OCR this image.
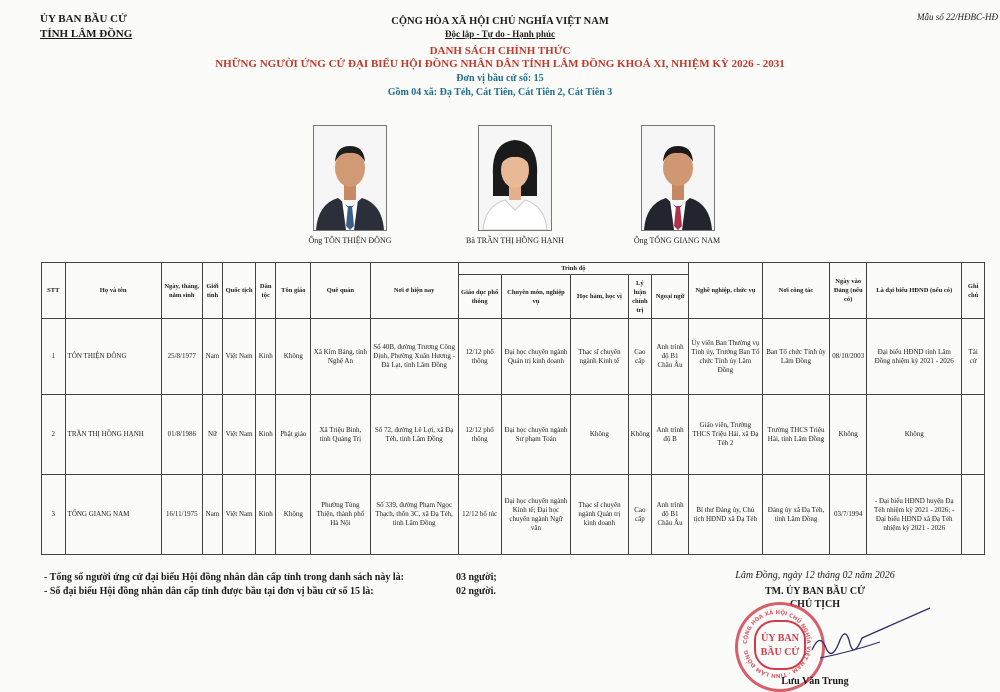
ỦY BAN BẦU CỬ
TỈNH LÂM ĐỒNG
Mẫu số 22/HĐBC-HĐ
CỘNG HÒA XÃ HỘI CHỦ NGHĨA VIỆT NAM
Độc lập - Tự do - Hạnh phúc
DANH SÁCH CHÍNH THỨC
NHỮNG NGƯỜI ỨNG CỬ ĐẠI BIỂU HỘI ĐỒNG NHÂN DÂN TỈNH LÂM ĐỒNG KHOÁ XI, NHIỆM KỲ 2026 - 2031
Đơn vị bầu cử số: 15
Gồm 04 xã: Đạ Tẻh, Cát Tiên, Cát Tiên 2, Cát Tiên 3
Ông TÔN THIỆN ĐÔNG	Bà TRẦN THỊ HỒNG HẠNH	Ông TỐNG GIANG NAM
STT	Họ và tên	Ngày, tháng, năm sinh	Giới tính	Quốc tịch	Dân tộc	Tôn giáo	Quê quán	Nơi ở hiện nay	Trình độ					Nghề nghiệp, chức vụ	Nơi công tác	Ngày vào Đảng (nếu có)	Là đại biểu HĐND (nếu có)	Ghi chú
									Giáo dục phổ thông	Chuyên môn, nghiệp vụ	Học hàm, học vị	Lý luận chính trị	Ngoại ngữ					
1	TÔN THIỆN ĐÔNG	25/8/1977	Nam	Việt Nam	Kinh	Không	Xã Kim Bảng, tỉnh Nghệ An	Số 40B, đường Trương Công Định, Phường Xuân Hương - Đà Lạt, tỉnh Lâm Đồng	12/12 phổ thông	Đại học chuyên ngành Quản trị kinh doanh	Thạc sĩ chuyên ngành Kinh tế	Cao cấp	Anh trình độ B1 Châu Âu	Ủy viên Ban Thường vụ Tỉnh ủy, Trưởng Ban Tổ chức Tỉnh ủy Lâm Đồng	Ban Tổ chức Tỉnh ủy Lâm Đồng	08/10/2003	Đại biểu HĐND tỉnh Lâm Đồng nhiệm kỳ 2021 - 2026	Tái cử
2	TRẦN THỊ HỒNG HẠNH	01/8/1986	Nữ	Việt Nam	Kinh	Phật giáo	Xã Triệu Bình, tỉnh Quảng Trị	Số 72, đường Lê Lợi, xã Đạ Tẻh, tỉnh Lâm Đồng	12/12 phổ thông	Đại học chuyên ngành Sư phạm Toán	Không	Không	Anh trình độ B	Giáo viên, Trường THCS Triệu Hải, xã Đạ Tẻh 2	Trường THCS Triệu Hải, tỉnh Lâm Đồng	Không	Không	
3	TỐNG GIANG NAM	16/11/1975	Nam	Việt Nam	Kinh	Không	Phường Tùng Thiện, thành phố Hà Nội	Số 339, đường Phạm Ngọc Thạch, thôn 3C, xã Đạ Tẻh, tỉnh Lâm Đồng	12/12 bổ túc	Đại học chuyên ngành Kinh tế; Đại học chuyên ngành Ngữ văn	Thạc sĩ chuyên ngành Quản trị kinh doanh	Cao cấp	Anh trình độ B1 Châu Âu	Bí thư Đảng ủy, Chủ tịch HĐND xã Đạ Tẻh	Đảng ủy xã Đạ Tẻh, tỉnh Lâm Đồng	03/7/1994	- Đại biểu HĐND huyện Đạ Tẻh nhiệm kỳ 2021 - 2026; - Đại biểu HĐND xã Đạ Tẻh nhiệm kỳ 2021 - 2026	
- Tổng số người ứng cử đại biểu Hội đồng nhân dân cấp tỉnh trong danh sách này là:	03 người;
- Số đại biểu Hội đồng nhân dân cấp tỉnh được bầu tại đơn vị bầu cử số 15 là:	02 người.
Lâm Đồng, ngày 12 tháng 02 năm 2026
TM. ỦY BAN BẦU CỬ
CHỦ TỊCH
CỘNG HÒA XÃ HỘI CHỦ NGHĨA VIỆT NAM · TỈNH LÂM ĐỒNG
ỦY BAN BẦU CỬ
Lưu Văn Trung
